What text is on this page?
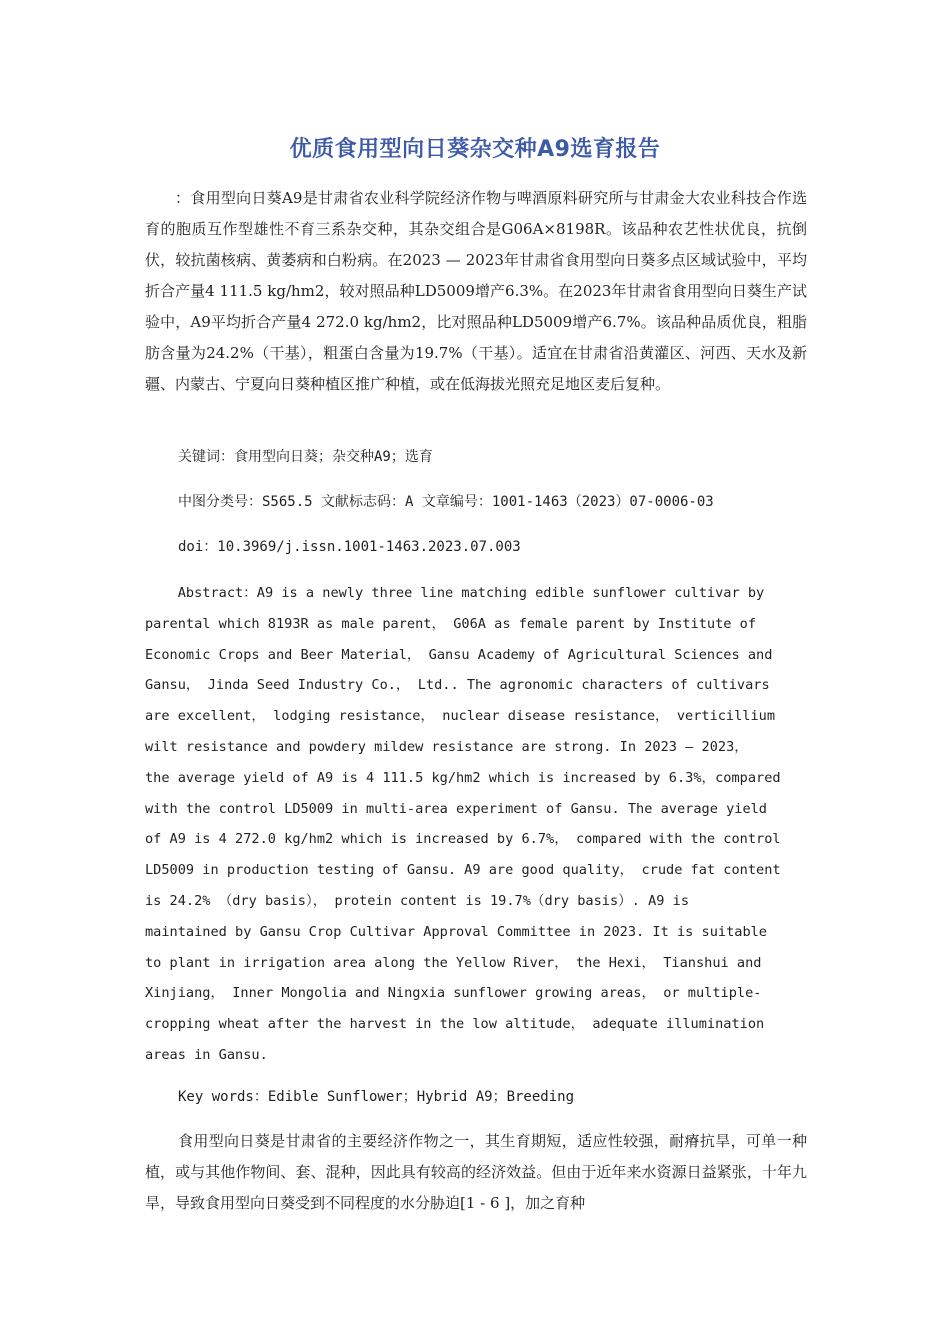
优质食用型向日葵杂交种A9选育报告

：食用型向日葵A9是甘肃省农业科学院经济作物与啤酒原料研究所与甘肃金大农业科技合作选育的胞质互作型雄性不育三系杂交种，其杂交组合是G06A×8198R。该品种农艺性状优良，抗倒伏，较抗菌核病、黄萎病和白粉病。在2023 — 2023年甘肃省食用型向日葵多点区域试验中，平均折合产量4 111.5 kg/hm2，较对照品种LD5009增产6.3%。在2023年甘肃省食用型向日葵生产试验中，A9平均折合产量4 272.0 kg/hm2，比对照品种LD5009增产6.7%。该品种品质优良，粗脂肪含量为24.2%（干基），粗蛋白含量为19.7%（干基）。适宜在甘肃省沿黄灌区、河西、天水及新疆、内蒙古、宁夏向日葵种植区推广种植，或在低海拔光照充足地区麦后复种。

关键词：食用型向日葵；杂交种A9；选育
中图分类号：S565.5 文献标志码：A 文章编号：1001-1463（2023）07-0006-03
doi：10.3969/j.issn.1001-1463.2023.07.003
Abstract：A9 is a newly three line matching edible sunflower cultivar by
parental which 8193R as male parent， G06A as female parent by Institute of
Economic Crops and Beer Material， Gansu Academy of Agricultural Sciences and
Gansu， Jinda Seed Industry Co.， Ltd.. The agronomic characters of cultivars
are excellent， lodging resistance， nuclear disease resistance， verticillium
wilt resistance and powdery mildew resistance are strong. In 2023 — 2023，
the average yield of A9 is 4 111.5 kg/hm2 which is increased by 6.3%，compared
with the control LD5009 in multi-area experiment of Gansu. The average yield
of A9 is 4 272.0 kg/hm2 which is increased by 6.7%， compared with the control
LD5009 in production testing of Gansu. A9 are good quality， crude fat content
is 24.2% （dry basis）， protein content is 19.7%（dry basis）. A9 is
maintained by Gansu Crop Cultivar Approval Committee in 2023. It is suitable
to plant in irrigation area along the Yellow River， the Hexi， Tianshui and
Xinjiang， Inner Mongolia and Ningxia sunflower growing areas， or multiple-
cropping wheat after the harvest in the low altitude， adequate illumination
areas in Gansu.
Key words：Edible Sunflower；Hybrid A9；Breeding

食用型向日葵是甘肃省的主要经济作物之一，其生育期短，适应性较强，耐瘠抗旱，可单一种植，或与其他作物间、套、混种，因此具有较高的经济效益。但由于近年来水资源日益紧张，十年九旱，导致食用型向日葵受到不同程度的水分胁迫[1 - 6 ]，加之育种
